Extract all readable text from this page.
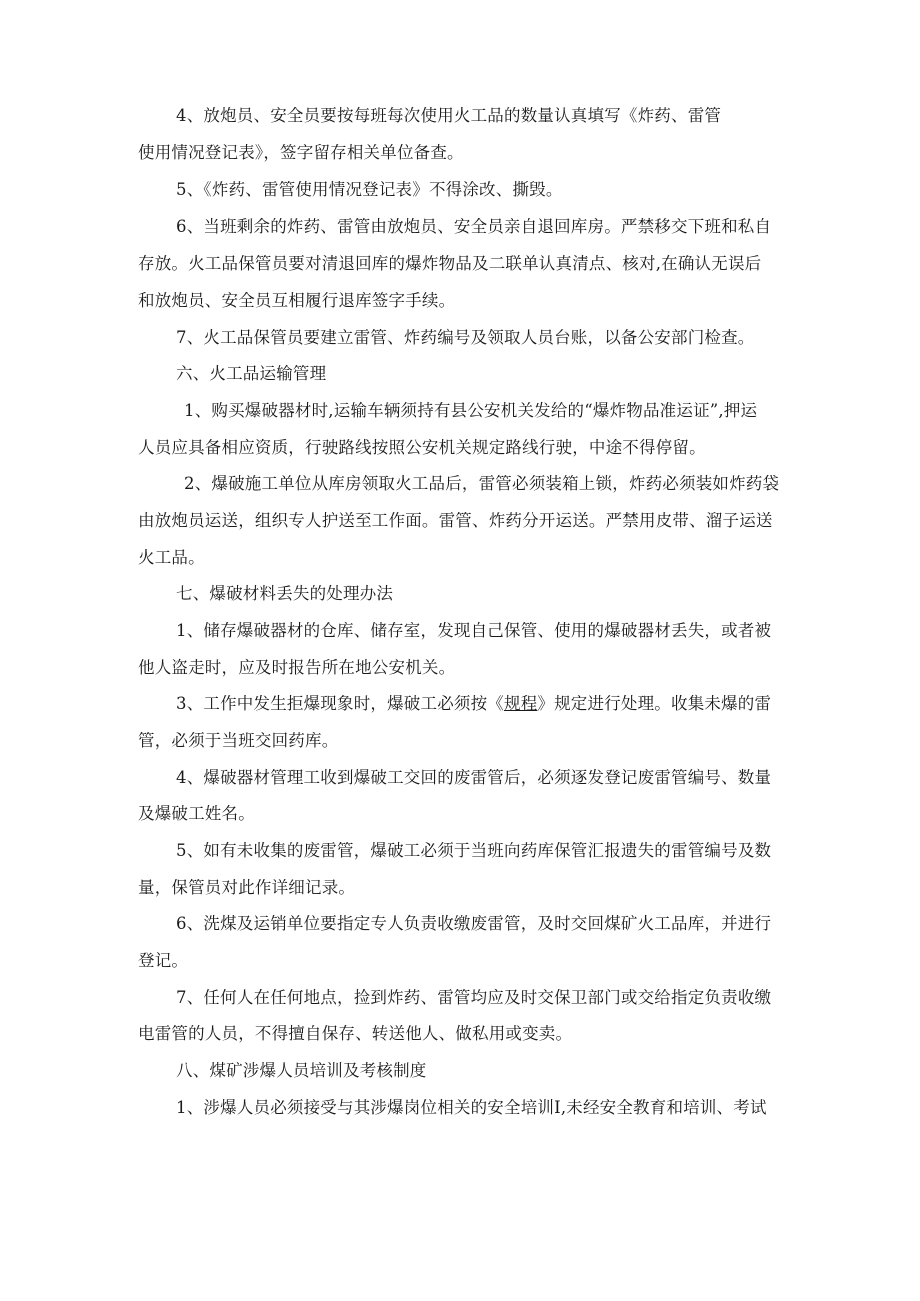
4、放炮员、安全员要按每班每次使用火工品的数量认真填写《炸药、雷管
使用情况登记表》，签字留存相关单位备查。
5、《炸药、雷管使用情况登记表》不得涂改、撕毁。
6、当班剩余的炸药、雷管由放炮员、安全员亲自退回库房。严禁移交下班和私自
存放。火工品保管员要对清退回库的爆炸物品及二联单认真清点、核对,在确认无误后
和放炮员、安全员互相履行退库签字手续。
7、火工品保管员要建立雷管、炸药编号及领取人员台账，以备公安部门检查。
六、火工品运输管理
1、购买爆破器材时,运输车辆须持有县公安机关发给的“爆炸物品准运证”,押运
人员应具备相应资质，行驶路线按照公安机关规定路线行驶，中途不得停留。
2、爆破施工单位从库房领取火工品后，雷管必须装箱上锁，炸药必须装如炸药袋
由放炮员运送，组织专人护送至工作面。雷管、炸药分开运送。严禁用皮带、溜子运送
火工品。
七、爆破材料丢失的处理办法
1、储存爆破器材的仓库、储存室，发现自己保管、使用的爆破器材丢失，或者被
他人盗走时，应及时报告所在地公安机关。
3、工作中发生拒爆现象时，爆破工必须按《规程》规定进行处理。收集未爆的雷
管，必须于当班交回药库。
4、爆破器材管理工收到爆破工交回的废雷管后，必须逐发登记废雷管编号、数量
及爆破工姓名。
5、如有未收集的废雷管，爆破工必须于当班向药库保管汇报遗失的雷管编号及数
量，保管员对此作详细记录。
6、洗煤及运销单位要指定专人负责收缴废雷管，及时交回煤矿火工品库，并进行
登记。
7、任何人在任何地点，捡到炸药、雷管均应及时交保卫部门或交给指定负责收缴
电雷管的人员，不得擅自保存、转送他人、做私用或变卖。
八、煤矿涉爆人员培训及考核制度
1、涉爆人员必须接受与其涉爆岗位相关的安全培训I,未经安全教育和培训、考试
